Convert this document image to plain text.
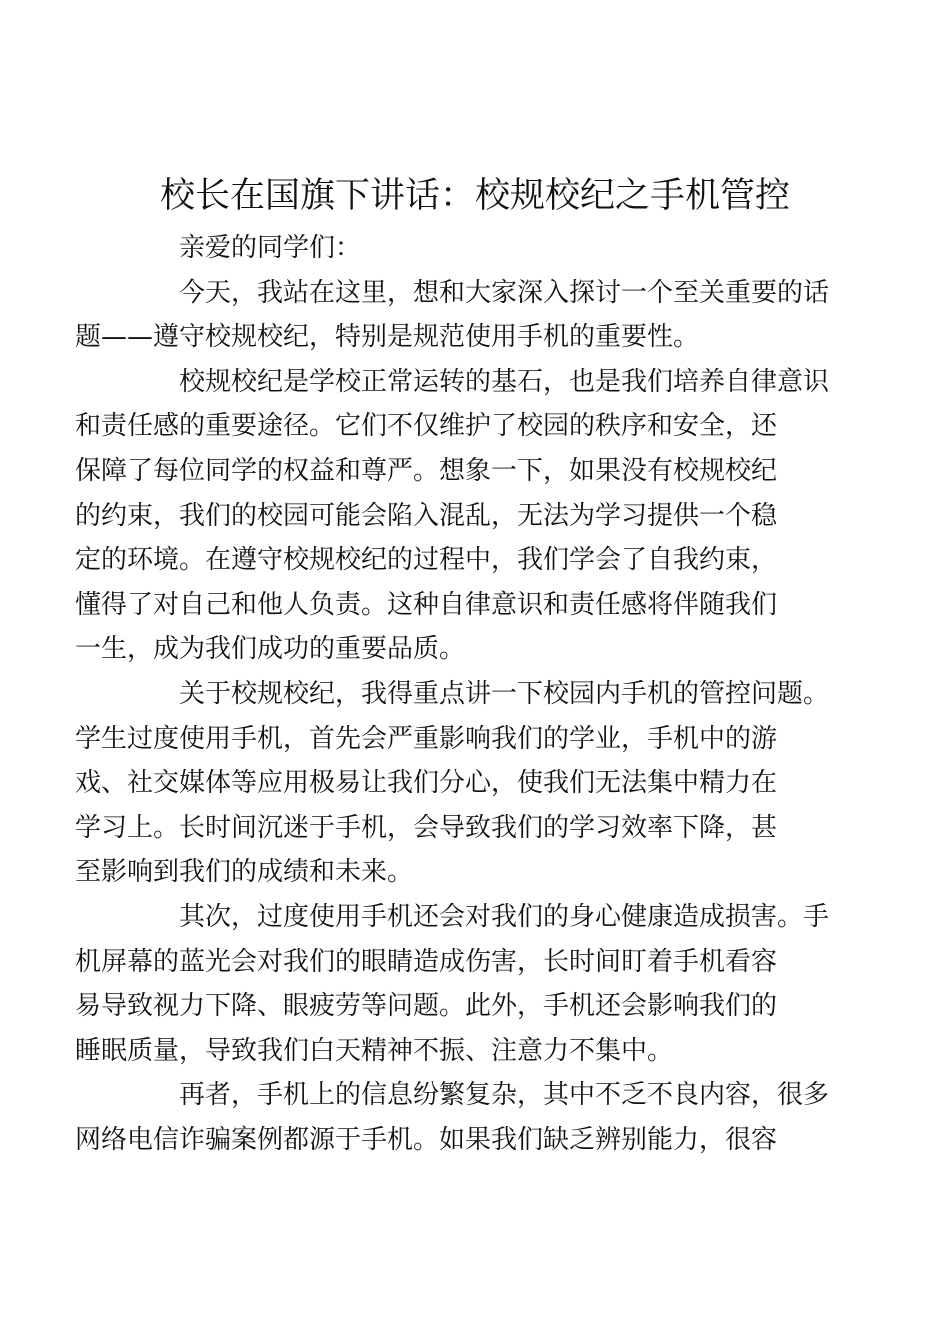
校长在国旗下讲话：校规校纪之手机管控

亲爱的同学们：

今天，我站在这里，想和大家深入探讨一个至关重要的话
题——遵守校规校纪，特别是规范使用手机的重要性。

校规校纪是学校正常运转的基石，也是我们培养自律意识
和责任感的重要途径。它们不仅维护了校园的秩序和安全，还
保障了每位同学的权益和尊严。想象一下，如果没有校规校纪
的约束，我们的校园可能会陷入混乱，无法为学习提供一个稳
定的环境。在遵守校规校纪的过程中，我们学会了自我约束，
懂得了对自己和他人负责。这种自律意识和责任感将伴随我们
一生，成为我们成功的重要品质。

关于校规校纪，我得重点讲一下校园内手机的管控问题。
学生过度使用手机，首先会严重影响我们的学业，手机中的游
戏、社交媒体等应用极易让我们分心，使我们无法集中精力在
学习上。长时间沉迷于手机，会导致我们的学习效率下降，甚
至影响到我们的成绩和未来。

其次，过度使用手机还会对我们的身心健康造成损害。手
机屏幕的蓝光会对我们的眼睛造成伤害，长时间盯着手机看容
易导致视力下降、眼疲劳等问题。此外，手机还会影响我们的
睡眠质量，导致我们白天精神不振、注意力不集中。

再者，手机上的信息纷繁复杂，其中不乏不良内容，很多
网络电信诈骗案例都源于手机。如果我们缺乏辨别能力，很容
